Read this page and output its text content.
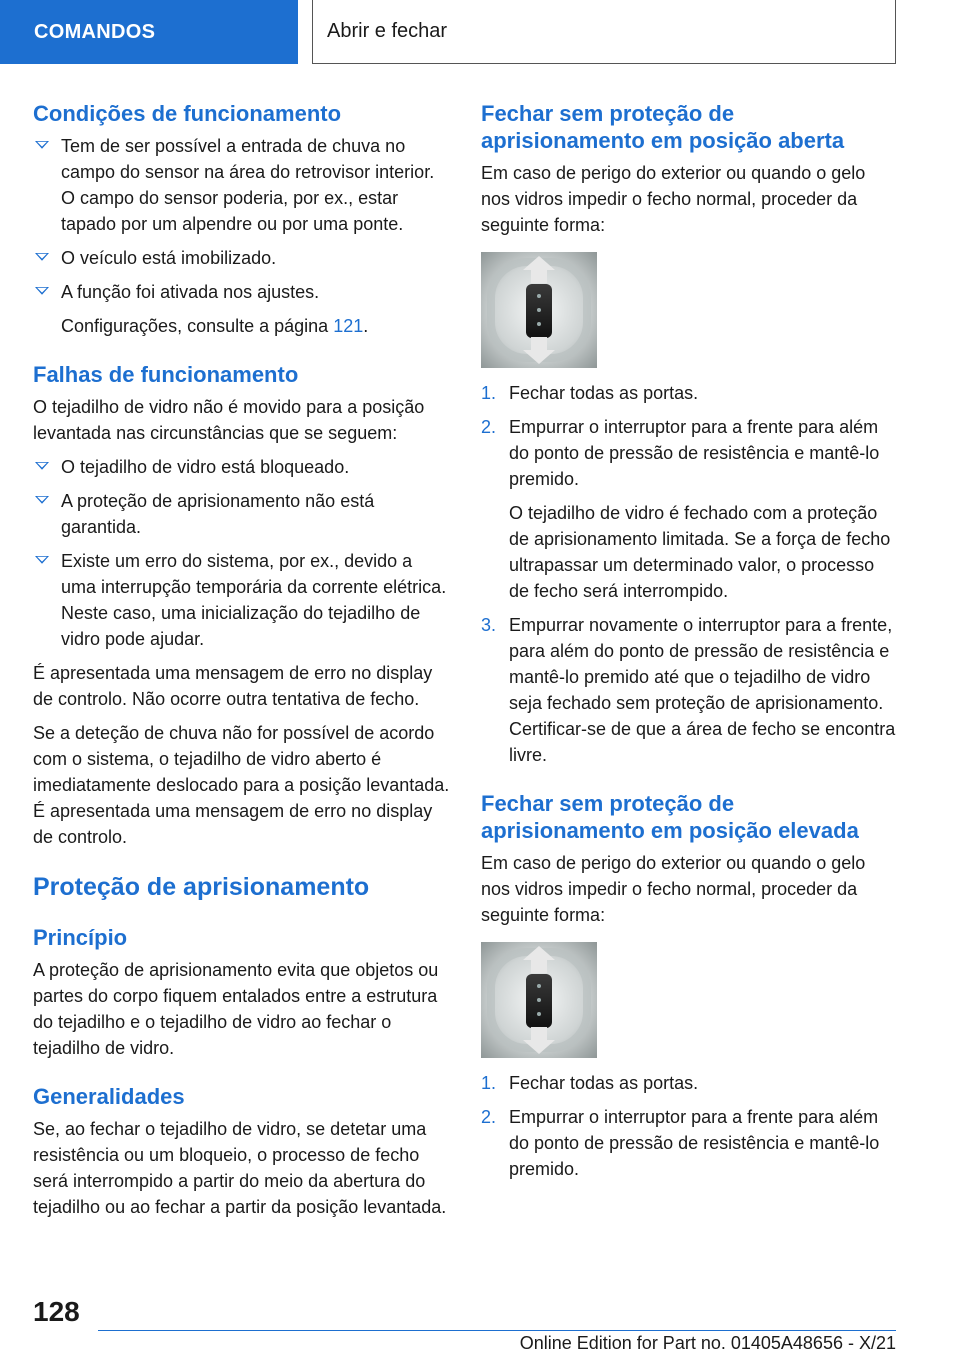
COMANDOS	Abrir e fechar
Condições de funcionamento
Tem de ser possível a entrada de chuva no campo do sensor na área do retrovisor interior. O campo do sensor poderia, por ex., estar tapado por um alpendre ou por uma ponte.
O veículo está imobilizado.
A função foi ativada nos ajustes.
Configurações, consulte a página 121.
Falhas de funcionamento
O tejadilho de vidro não é movido para a posição levantada nas circunstâncias que se seguem:
O tejadilho de vidro está bloqueado.
A proteção de aprisionamento não está garantida.
Existe um erro do sistema, por ex., devido a uma interrupção temporária da corrente elétrica. Neste caso, uma inicialização do tejadilho de vidro pode ajudar.
É apresentada uma mensagem de erro no display de controlo. Não ocorre outra tentativa de fecho.
Se a deteção de chuva não for possível de acordo com o sistema, o tejadilho de vidro aberto é imediatamente deslocado para a posição levantada. É apresentada uma mensagem de erro no display de controlo.
Proteção de aprisionamento
Princípio
A proteção de aprisionamento evita que objetos ou partes do corpo fiquem entalados entre a estrutura do tejadilho e o tejadilho de vidro ao fechar o tejadilho de vidro.
Generalidades
Se, ao fechar o tejadilho de vidro, se detetar uma resistência ou um bloqueio, o processo de fecho será interrompido a partir do meio da abertura do tejadilho ou ao fechar a partir da posição levantada.
Fechar sem proteção de aprisionamento em posição aberta
Em caso de perigo do exterior ou quando o gelo nos vidros impedir o fecho normal, proceder da seguinte forma:
1. Fechar todas as portas.
2. Empurrar o interruptor para a frente para além do ponto de pressão de resistência e mantê-lo premido.
O tejadilho de vidro é fechado com a proteção de aprisionamento limitada. Se a força de fecho ultrapassar um determinado valor, o processo de fecho será interrompido.
3. Empurrar novamente o interruptor para a frente, para além do ponto de pressão de resistência e mantê-lo premido até que o tejadilho de vidro seja fechado sem proteção de aprisionamento. Certificar-se de que a área de fecho se encontra livre.
Fechar sem proteção de aprisionamento em posição elevada
Em caso de perigo do exterior ou quando o gelo nos vidros impedir o fecho normal, proceder da seguinte forma:
1. Fechar todas as portas.
2. Empurrar o interruptor para a frente para além do ponto de pressão de resistência e mantê-lo premido.
128
Online Edition for Part no. 01405A48656 - X/21
